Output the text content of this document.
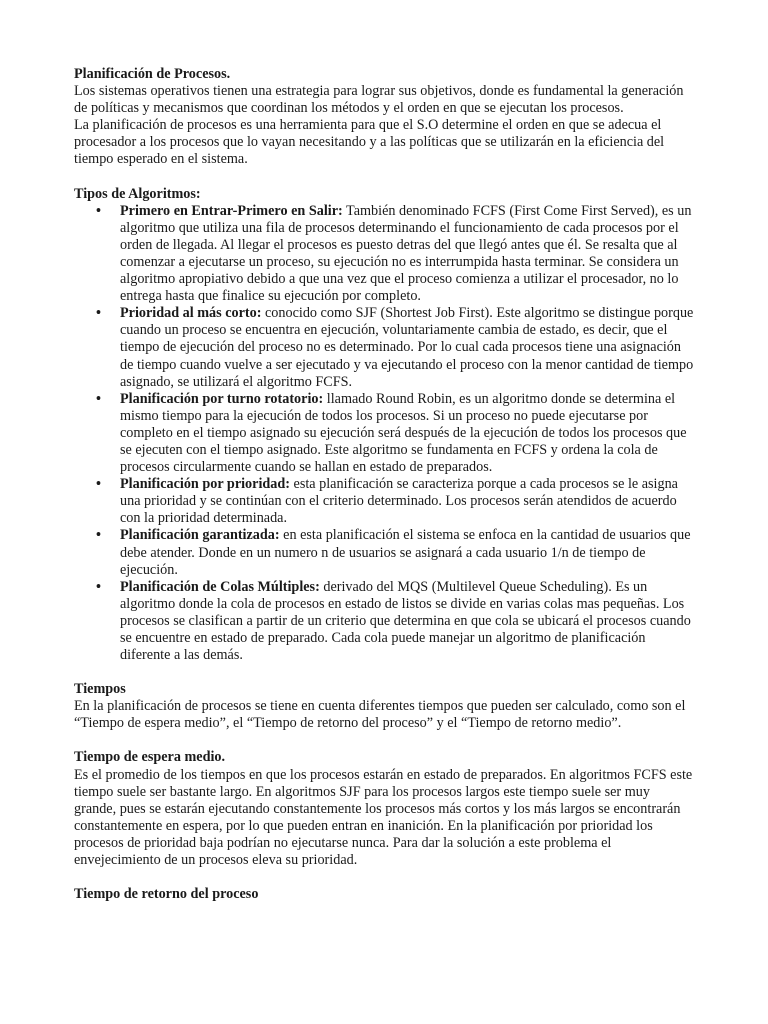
Planificación de Procesos.

Los sistemas operativos tienen una estrategia para lograr sus objetivos, donde es fundamental la generación de políticas y mecanismos que coordinan los métodos y el orden en que se ejecutan los procesos.

La planificación de procesos es una herramienta para que el S.O determine el orden en que se adecua el procesador a los procesos que lo vayan necesitando y a las políticas que se utilizarán en la eficiencia del tiempo esperado en el sistema.

Tipos de Algoritmos:

• Primero en Entrar-Primero en Salir: También denominado FCFS (First Come First Served), es un algoritmo que utiliza una fila de procesos determinando el funcionamiento de cada procesos por el orden de llegada. Al llegar el procesos es puesto detras del que llegó antes que él. Se resalta que al comenzar a ejecutarse un proceso, su ejecución no es interrumpida hasta terminar. Se considera un algoritmo apropiativo debido a que una vez que el proceso comienza a utilizar el procesador, no lo entrega hasta que finalice su ejecución por completo.
• Prioridad al más corto: conocido como SJF (Shortest Job First). Este algoritmo se distingue porque cuando un proceso se encuentra en ejecución, voluntariamente cambia de estado, es decir, que el tiempo de ejecución del proceso no es determinado. Por lo cual cada procesos tiene una asignación de tiempo cuando vuelve a ser ejecutado y va ejecutando el proceso con la menor cantidad de tiempo asignado, se utilizará el algoritmo FCFS.
• Planificación por turno rotatorio: llamado Round Robin, es un algoritmo donde se determina el mismo tiempo para la ejecución de todos los procesos. Si un proceso no puede ejecutarse por completo en el tiempo asignado su ejecución será después de la ejecución de todos los procesos que se ejecuten con el tiempo asignado. Este algoritmo se fundamenta en FCFS y ordena la cola de procesos circularmente cuando se hallan en estado de preparados.
• Planificación por prioridad: esta planificación se caracteriza porque a cada procesos se le asigna una prioridad y se continúan con el criterio determinado. Los procesos serán atendidos de acuerdo con la prioridad determinada.
• Planificación garantizada: en esta planificación el sistema se enfoca en la cantidad de usuarios que debe atender. Donde en un numero n de usuarios se asignará a cada usuario 1/n de tiempo de ejecución.
• Planificación de Colas Múltiples: derivado del MQS (Multilevel Queue Scheduling). Es un algoritmo donde la cola de procesos en estado de listos se divide en varias colas mas pequeñas. Los procesos se clasifican a partir de un criterio que determina en que cola se ubicará el procesos cuando se encuentre en estado de preparado. Cada cola puede manejar un algoritmo de planificación diferente a las demás.

Tiempos

En la planificación de procesos se tiene en cuenta diferentes tiempos que pueden ser calculado, como son el “Tiempo de espera medio”, el “Tiempo de retorno del proceso” y el “Tiempo de retorno medio”.

Tiempo de espera medio.

Es el promedio de los tiempos en que los procesos estarán en estado de preparados. En algoritmos FCFS este tiempo suele ser bastante largo. En algoritmos SJF para los procesos largos este tiempo suele ser muy grande, pues se estarán ejecutando constantemente los procesos más cortos y los más largos se encontrarán constantemente en espera, por lo que pueden entran en inanición. En la planificación por prioridad los procesos de prioridad baja podrían no ejecutarse nunca. Para dar la solución a este problema el envejecimiento de un procesos eleva su prioridad.

Tiempo de retorno del proceso
